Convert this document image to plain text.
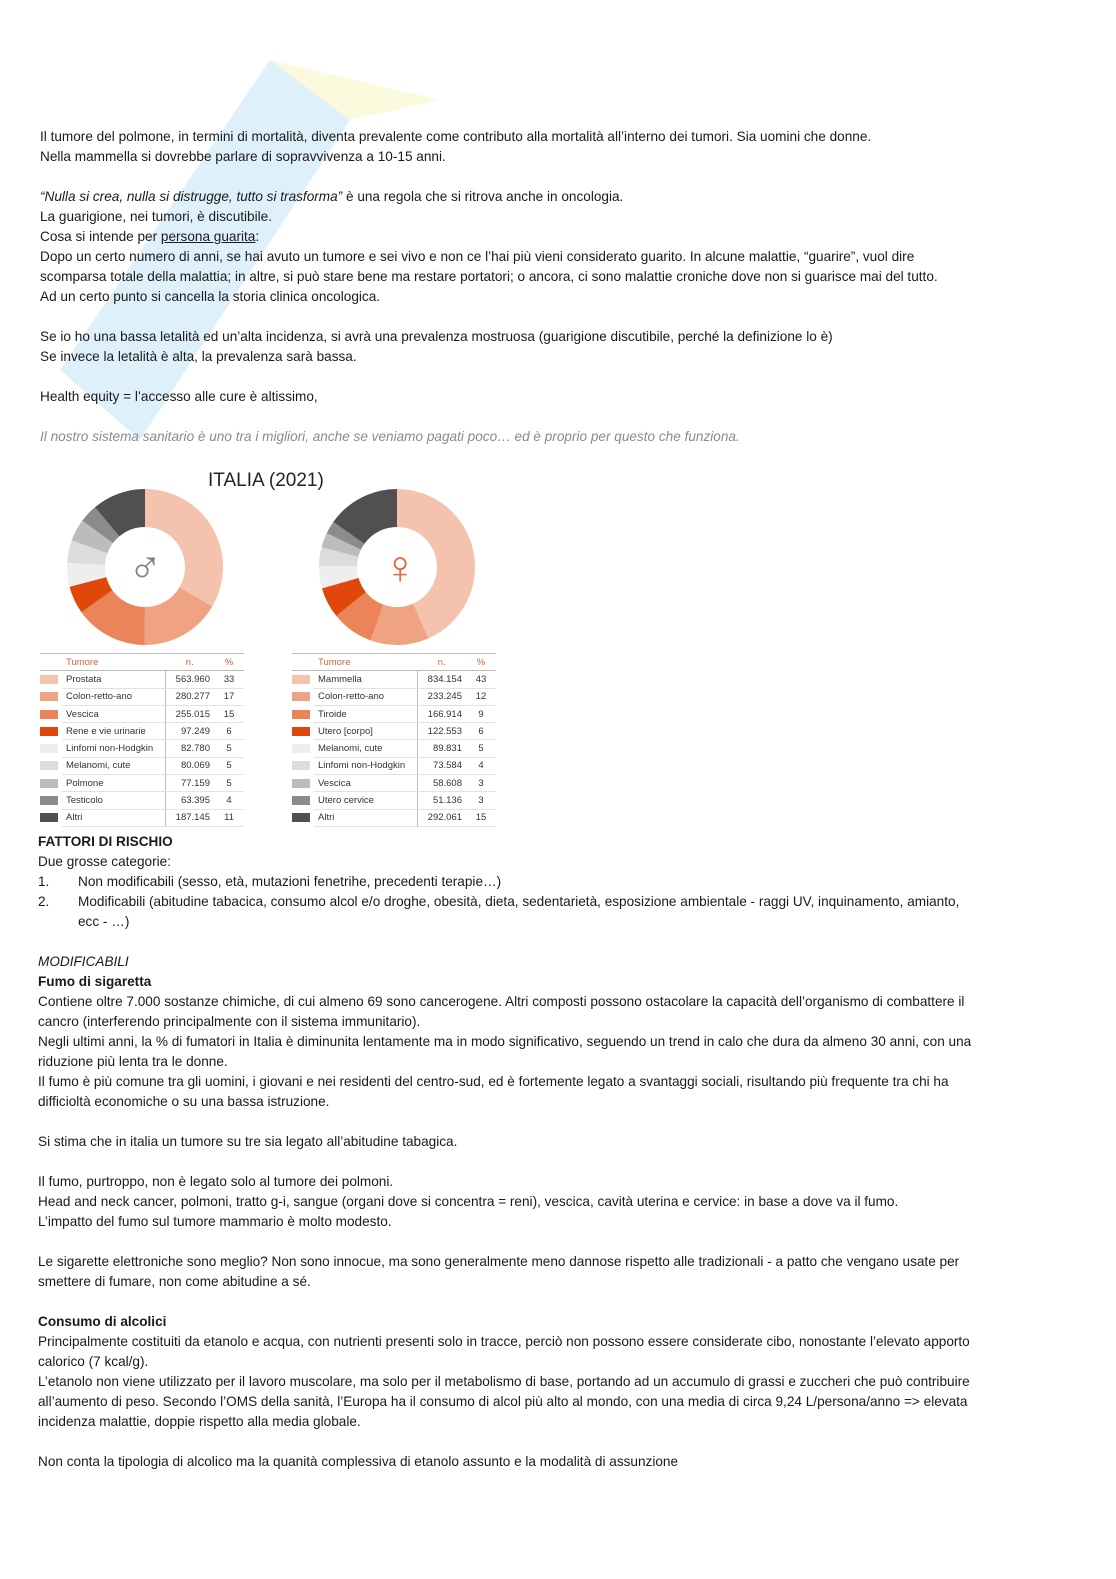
Il tumore del polmone, in termini di mortalità, diventa prevalente come contributo alla mortalità all’interno dei tumori. Sia uomini che donne.
Nella mammella si dovrebbe parlare di sopravvivenza a 10-15 anni.
“Nulla si crea, nulla si distrugge, tutto si trasforma” è una regola che si ritrova anche in oncologia.
La guarigione, nei tumori, è discutibile.
Cosa si intende per persona guarita:
Dopo un certo numero di anni, se hai avuto un tumore e sei vivo e non ce l’hai più vieni considerato guarito. In alcune malattie, “guarire”, vuol dire
scomparsa totale della malattia; in altre, si può stare bene ma restare portatori; o ancora, ci sono malattie croniche dove non si guarisce mai del tutto.
Ad un certo punto si cancella la storia clinica oncologica.
Se io ho una bassa letalità ed un’alta incidenza, si avrà una prevalenza mostruosa (guarigione discutibile, perché la definizione lo è)
Se invece la letalità è alta, la prevalenza sarà bassa.
Health equity = l’accesso alle cure è altissimo,
Il nostro sistema sanitario è uno tra i migliori, anche se veniamo pagati poco… ed è proprio per questo che funziona.
ITALIA (2021)
♂	♀
	Tumore	n.	%

	Prostata	563.960	33

	Colon-retto-ano	280.277	17

	Vescica	255.015	15

	Rene e vie urinarie	97.249	6

	Linfomi non-Hodgkin	82.780	5

	Melanomi, cute	80.069	5

	Polmone	77.159	5

	Testicolo	63.395	4

	Altri	187.145	11
	Tumore	n.	%

	Mammella	834.154	43

	Colon-retto-ano	233.245	12

	Tiroide	166.914	9

	Utero [corpo]	122.553	6

	Melanomi, cute	89.831	5

	Linfomi non-Hodgkin	73.584	4

	Vescica	58.608	3

	Utero cervice	51.136	3

	Altri	292.061	15
FATTORI DI RISCHIO
Due grosse categorie:
1.	Non modificabili (sesso, età, mutazioni fenetrihe, precedenti terapie…)
2.	Modificabili (abitudine tabacica, consumo alcol e/o droghe, obesità, dieta, sedentarietà, esposizione ambientale - raggi UV, inquinamento, amianto,
ecc - …)
MODIFICABILI
Fumo di sigaretta
Contiene oltre 7.000 sostanze chimiche, di cui almeno 69 sono cancerogene. Altri composti possono ostacolare la capacità dell’organismo di combattere il
cancro (interferendo principalmente con il sistema immunitario).
Negli ultimi anni, la % di fumatori in Italia è diminunita lentamente ma in modo significativo, seguendo un trend in calo che dura da almeno 30 anni, con una
riduzione più lenta tra le donne.
Il fumo è più comune tra gli uomini, i giovani e nei residenti del centro-sud, ed è fortemente legato a svantaggi sociali, risultando più frequente tra chi ha
difficioltà economiche o su una bassa istruzione.
Si stima che in italia un tumore su tre sia legato all’abitudine tabagica.
Il fumo, purtroppo, non è legato solo al tumore dei polmoni.
Head and neck cancer, polmoni, tratto g-i, sangue (organi dove si concentra = reni), vescica, cavità uterina e cervice: in base a dove va il fumo.
L’impatto del fumo sul tumore mammario è molto modesto.
Le sigarette elettroniche sono meglio? Non sono innocue, ma sono generalmente meno dannose rispetto alle tradizionali - a patto che vengano usate per
smettere di fumare, non come abitudine a sé.
Consumo di alcolici
Principalmente costituiti da etanolo e acqua, con nutrienti presenti solo in tracce, perciò non possono essere considerate cibo, nonostante l’elevato apporto
calorico (7 kcal/g).
L’etanolo non viene utilizzato per il lavoro muscolare, ma solo per il metabolismo di base, portando ad un accumulo di grassi e zuccheri che può contribuire
all’aumento di peso. Secondo l’OMS della sanità, l’Europa ha il consumo di alcol più alto al mondo, con una media di circa 9,24 L/persona/anno => elevata
incidenza malattie, doppie rispetto alla media globale.
Non conta la tipologia di alcolico ma la quanità complessiva di etanolo assunto e la modalità di assunzione
